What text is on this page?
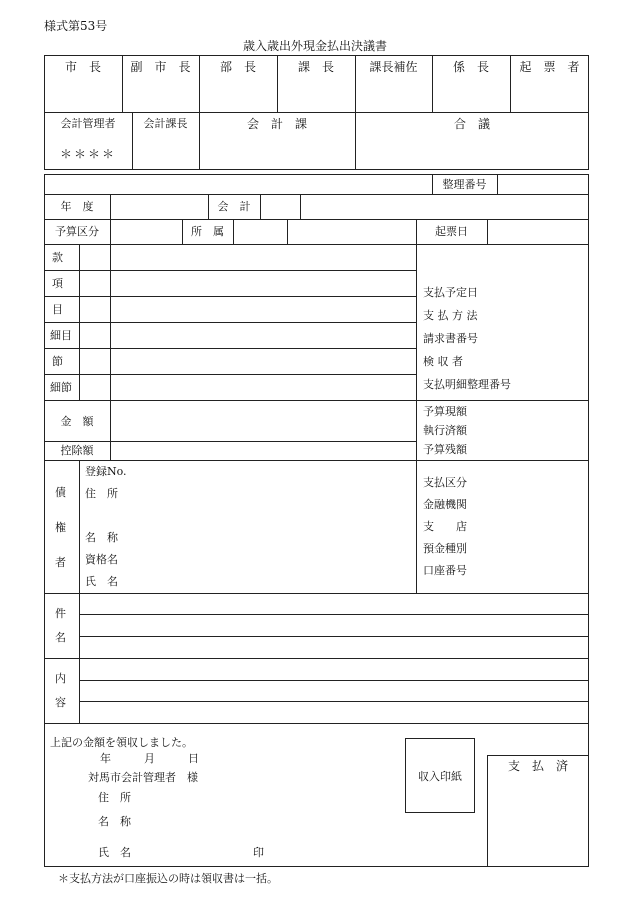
様式第53号
歳入歳出外現金払出決議書
市　長	副　市　長	部　長	課　長	課長補佐	係　長	起　票　者
会計管理者	会計課長	会　計　課	合　議
＊＊＊＊
整理番号
年　度	会　計
予算区分	所　属	起票日
款
項
目
細目
節
細節
支払予定日
支 払 方 法
請求書番号
検 収 者
支払明細整理番号
金　額
控除額
予算現額
執行済額
予算残額
債
権
者
登録No.
住　所
名　称
資格名
氏　名
支払区分
金融機関
支　　店
預金種別
口座番号
件
名
内
容
上記の金額を領収しました。
年　　　月　　　日
対馬市会計管理者　様
住　所
名　称
氏　名	印
収入印紙
支　払　済
＊支払方法が口座振込の時は領収書は一括。
